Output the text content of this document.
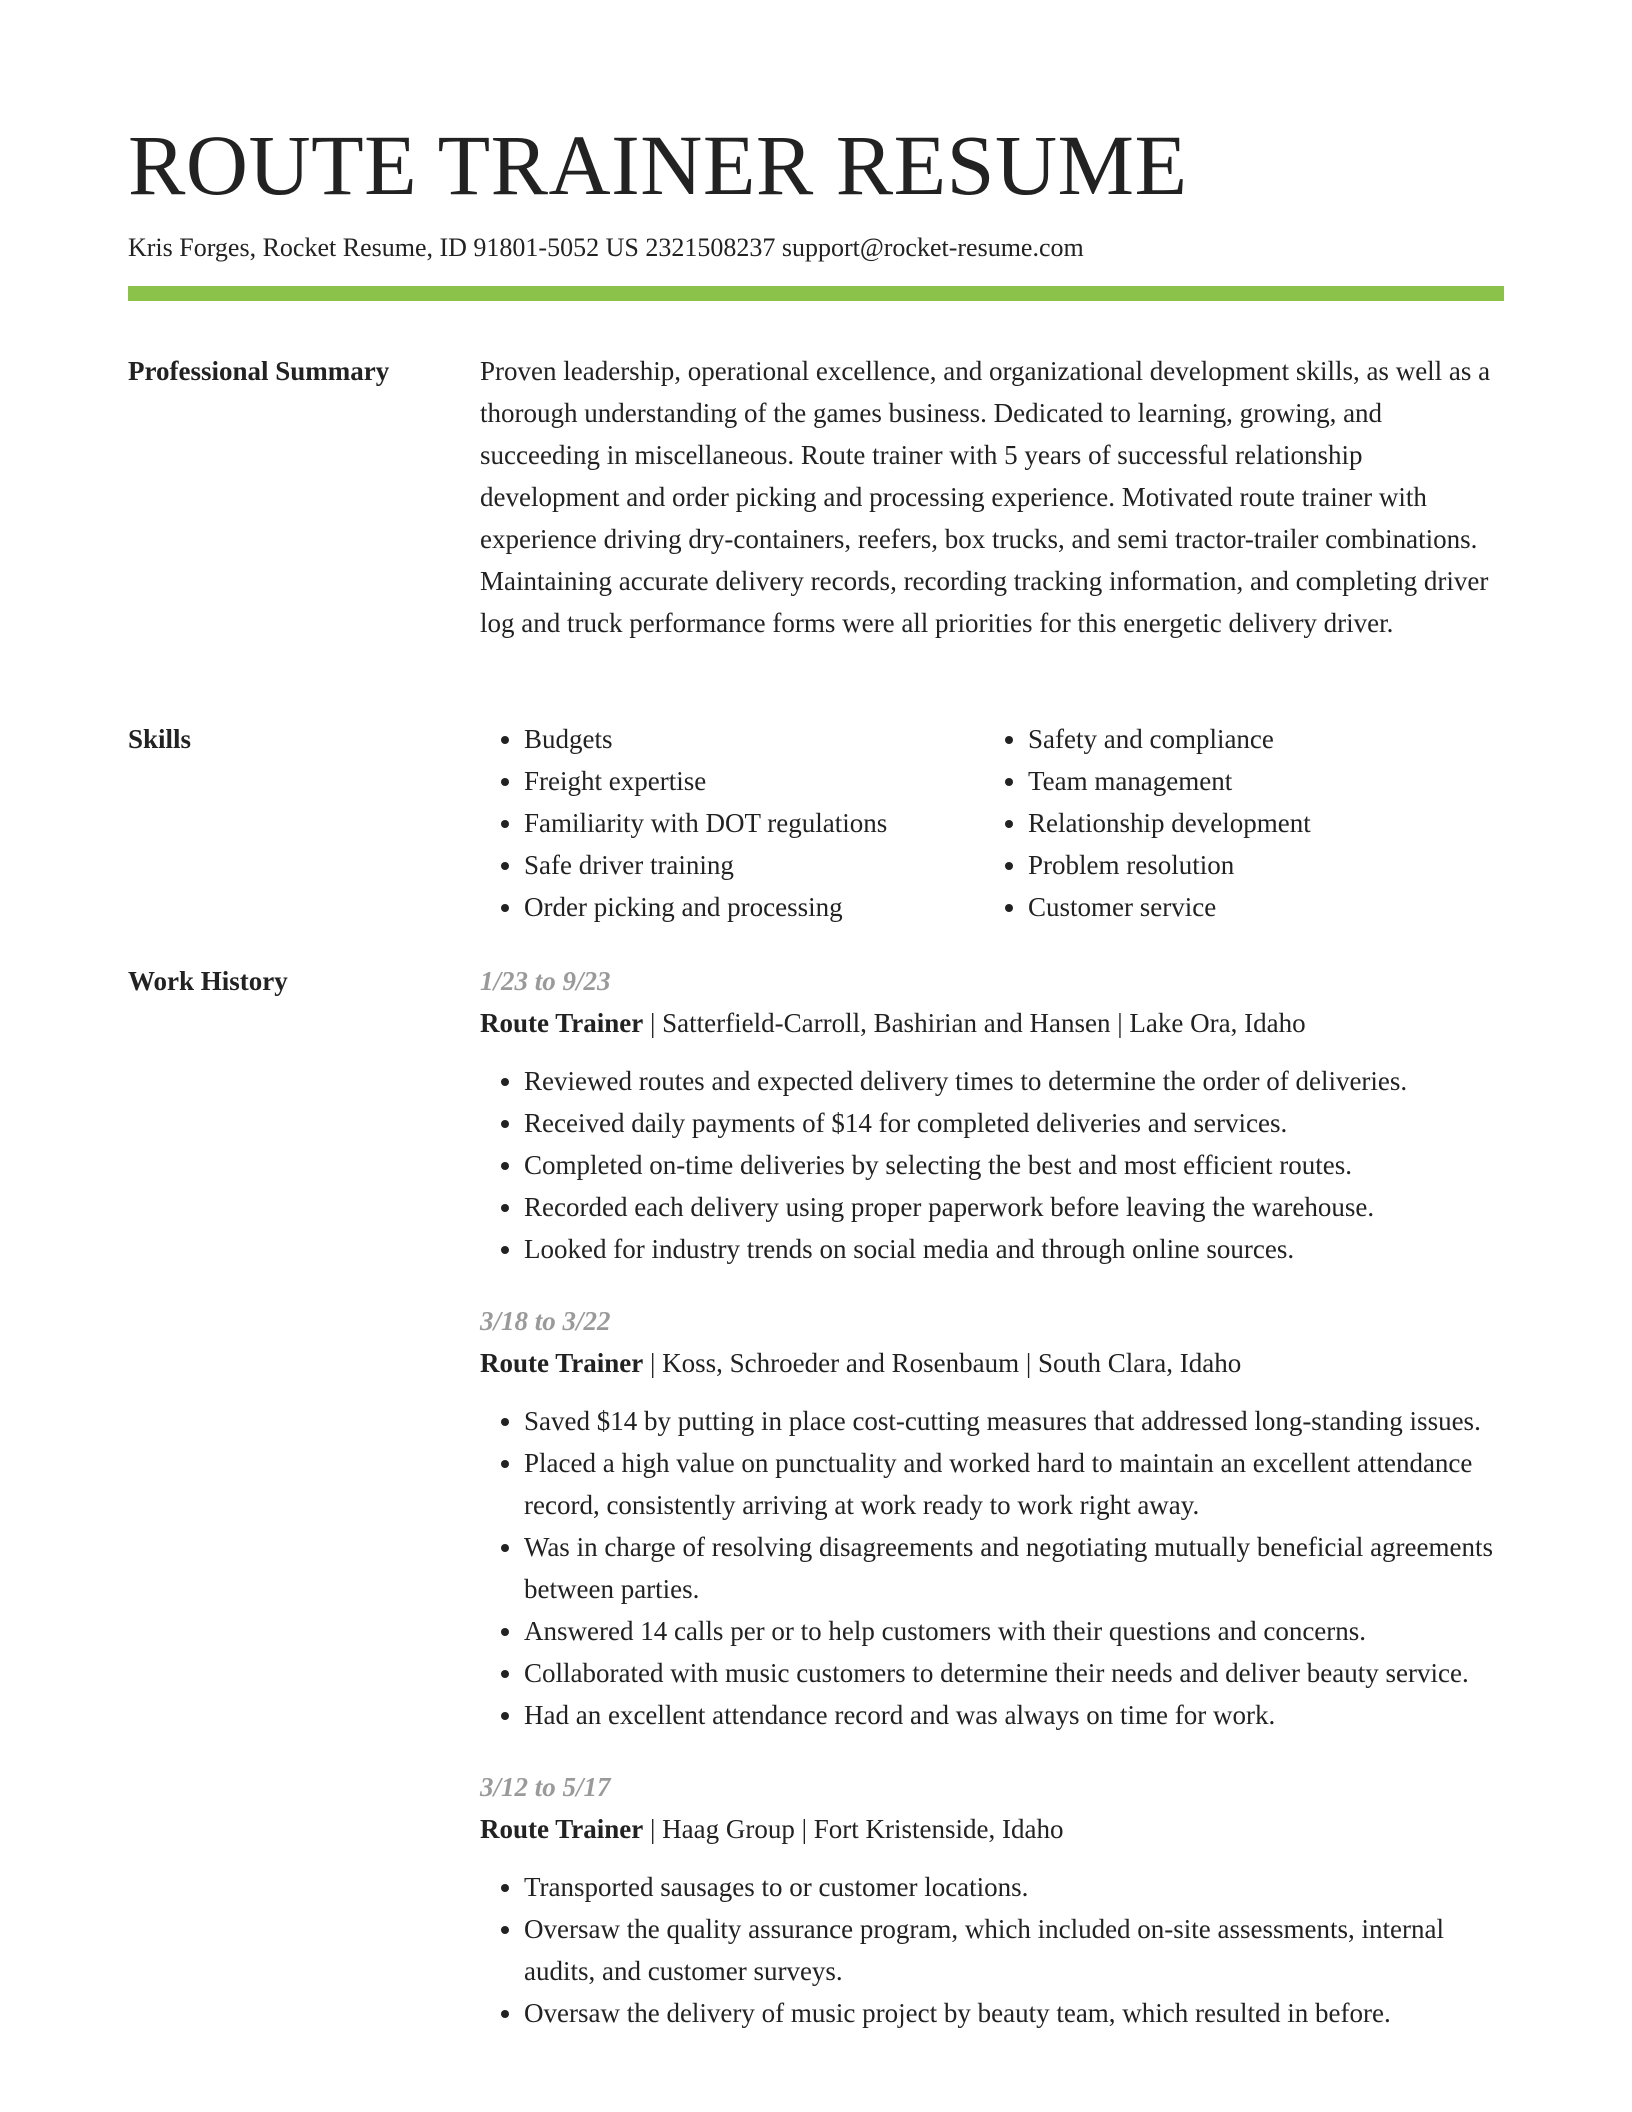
ROUTE TRAINER RESUME
Kris Forges, Rocket Resume, ID 91801-5052 US 2321508237 support@rocket-resume.com
Professional Summary	Proven leadership, operational excellence, and organizational development skills, as well as a thorough understanding of the games business. Dedicated to learning, growing, and succeeding in miscellaneous. Route trainer with 5 years of successful relationship development and order picking and processing experience. Motivated route trainer with experience driving dry-containers, reefers, box trucks, and semi tractor-trailer combinations. Maintaining accurate delivery records, recording tracking information, and completing driver log and truck performance forms were all priorities for this energetic delivery driver.

Skills
•	Budgets
• Freight expertise
• Familiarity with DOT regulations
• Safe driver training
• Order picking and processing
• Safety and compliance
• Team management
• Relationship development
• Problem resolution
• Customer service
Work History	1/23 to 9/23
Route Trainer | Satterfield-Carroll, Bashirian and Hansen | Lake Ora, Idaho
• Reviewed routes and expected delivery times to determine the order of deliveries.
• Received daily payments of $14 for completed deliveries and services.
• Completed on-time deliveries by selecting the best and most efficient routes.
• Recorded each delivery using proper paperwork before leaving the warehouse.
• Looked for industry trends on social media and through online sources.
3/18 to 3/22
Route Trainer | Koss, Schroeder and Rosenbaum | South Clara, Idaho
• Saved $14 by putting in place cost-cutting measures that addressed long-standing issues.
• Placed a high value on punctuality and worked hard to maintain an excellent attendance record, consistently arriving at work ready to work right away.
• Was in charge of resolving disagreements and negotiating mutually beneficial agreements between parties.
• Answered 14 calls per or to help customers with their questions and concerns.
• Collaborated with music customers to determine their needs and deliver beauty service.
• Had an excellent attendance record and was always on time for work.
3/12 to 5/17
Route Trainer | Haag Group | Fort Kristenside, Idaho
• Transported sausages to or customer locations.
• Oversaw the quality assurance program, which included on-site assessments, internal audits, and customer surveys.
• Oversaw the delivery of music project by beauty team, which resulted in before.
